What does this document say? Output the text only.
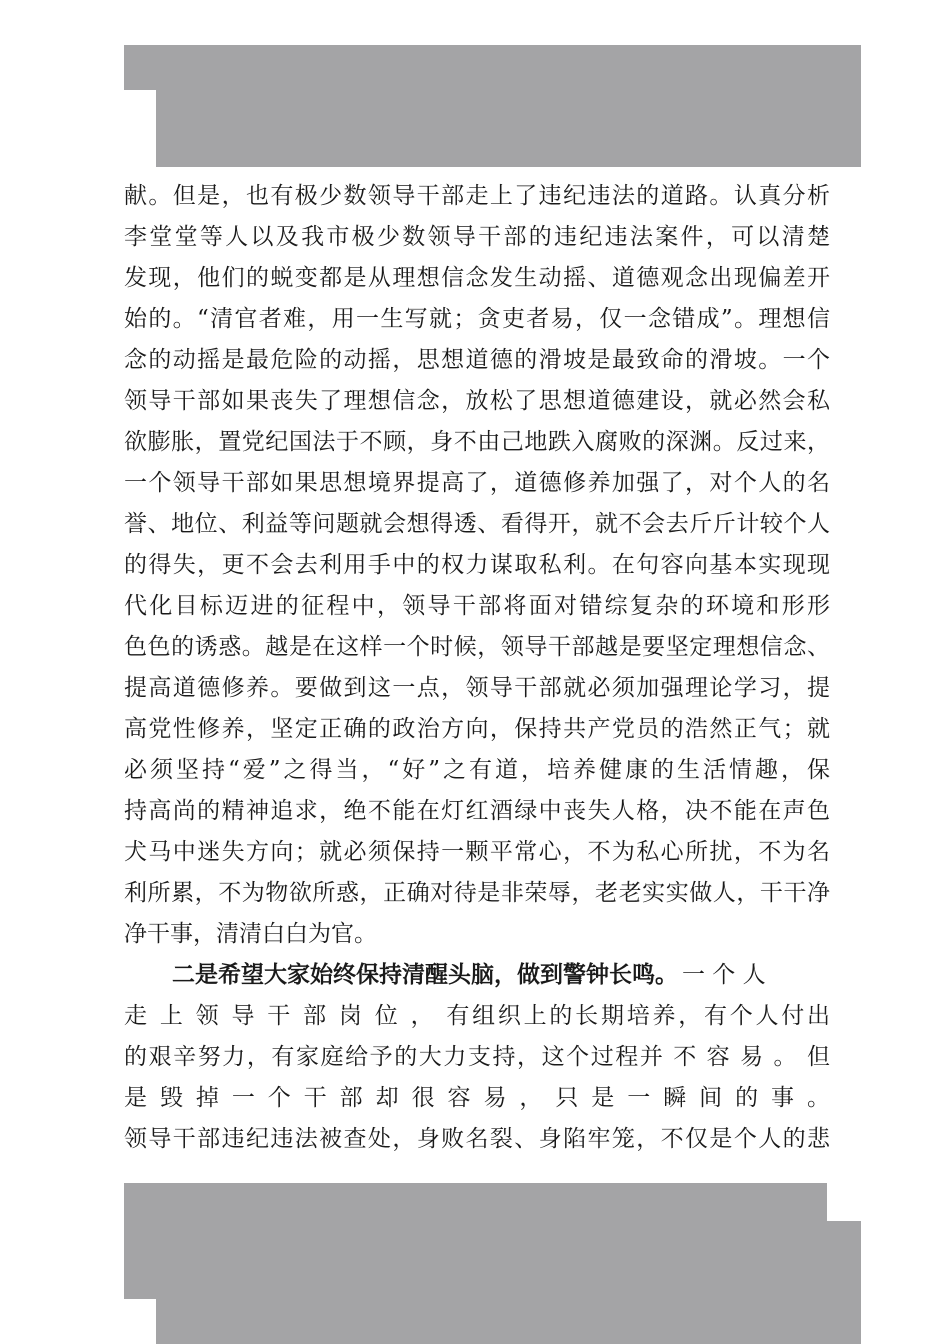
献。但是，也有极少数领导干部走上了违纪违法的道路。认真分析
李堂堂等人以及我市极少数领导干部的违纪违法案件，可以清楚
发现，他们的蜕变都是从理想信念发生动摇、道德观念出现偏差开
始的。“清官者难，用一生写就；贪吏者易，仅一念错成”。理想信
念的动摇是最危险的动摇，思想道德的滑坡是最致命的滑坡。一个
领导干部如果丧失了理想信念，放松了思想道德建设，就必然会私
欲膨胀，置党纪国法于不顾，身不由己地跌入腐败的深渊。反过来，
一个领导干部如果思想境界提高了，道德修养加强了，对个人的名
誉、地位、利益等问题就会想得透、看得开，就不会去斤斤计较个人
的得失，更不会去利用手中的权力谋取私利。在句容向基本实现现
代化目标迈进的征程中，领导干部将面对错综复杂的环境和形形
色色的诱惑。越是在这样一个时候，领导干部越是要坚定理想信念、
提高道德修养。要做到这一点，领导干部就必须加强理论学习，提
高党性修养，坚定正确的政治方向，保持共产党员的浩然正气；就
必须坚持“爱”之得当，“好”之有道，培养健康的生活情趣，保
持高尚的精神追求，绝不能在灯红酒绿中丧失人格，决不能在声色
犬马中迷失方向；就必须保持一颗平常心，不为私心所扰，不为名
利所累，不为物欲所惑，正确对待是非荣辱，老老实实做人，干干净
净干事，清清白白为官。
二是希望大家始终保持清醒头脑，做到警钟长鸣。 一 个 人
走 上 领 导 干 部 岗 位 ， 有组织上的长期培养，有个人付出
的艰辛努力，有家庭给予的大力支持，这个过程并 不 容 易 。 但
是 毁 掉 一 个 干 部 却 很 容 易 ， 只 是 一 瞬 间 的 事 。
领导干部违纪违法被查处，身败名裂、身陷牢笼，不仅是个人的悲
